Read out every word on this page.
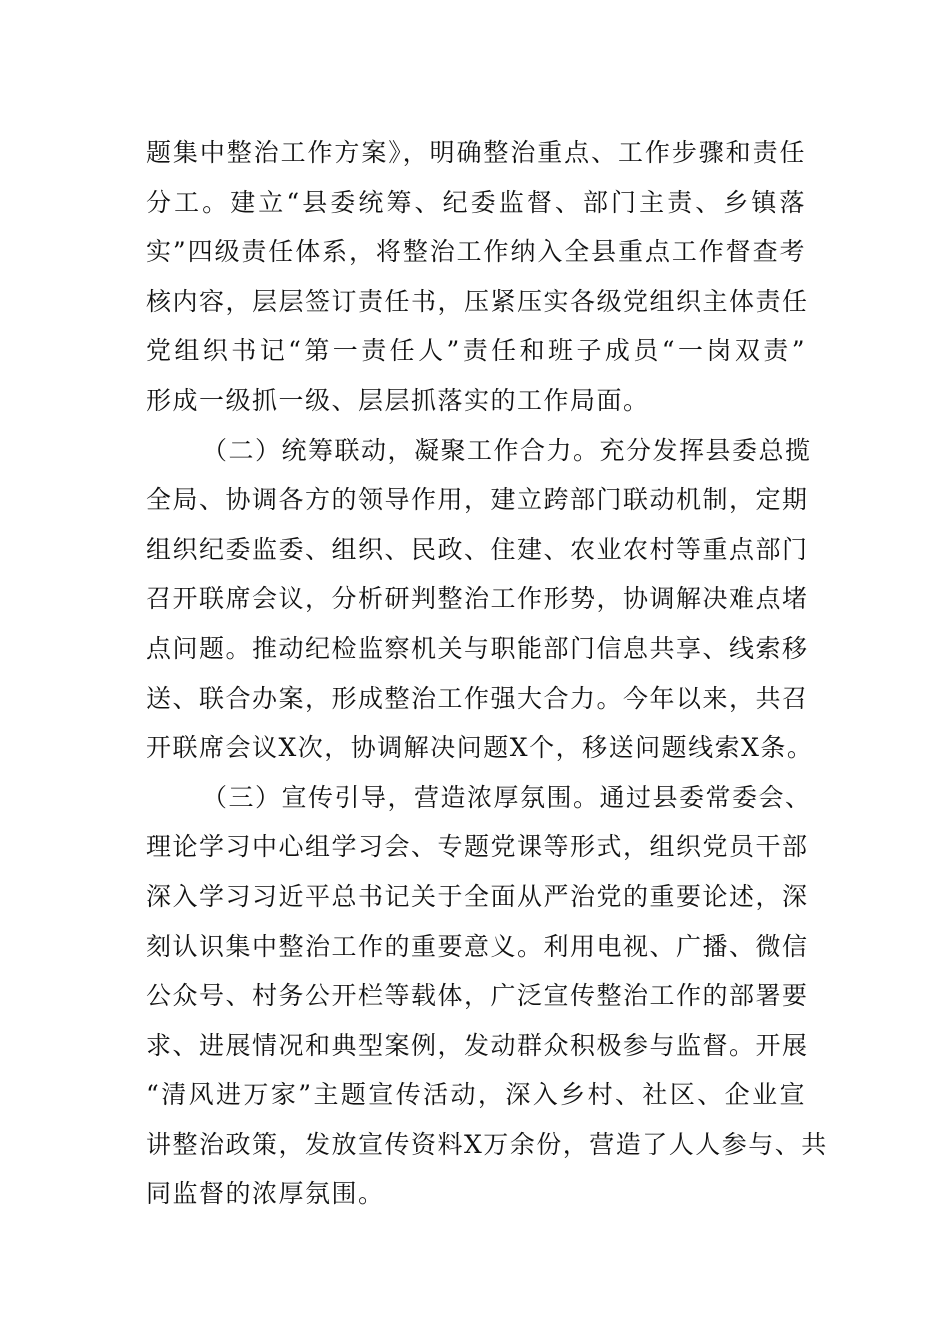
题集中整治工作方案》，明确整治重点、工作步骤和责任
分工。建立“县委统筹、纪委监督、部门主责、乡镇落
实”四级责任体系，将整治工作纳入全县重点工作督查考
核内容，层层签订责任书，压紧压实各级党组织主体责任
党组织书记“第一责任人”责任和班子成员“一岗双责”
形成一级抓一级、层层抓落实的工作局面。
（二）统筹联动，凝聚工作合力。充分发挥县委总揽
全局、协调各方的领导作用，建立跨部门联动机制，定期
组织纪委监委、组织、民政、住建、农业农村等重点部门
召开联席会议，分析研判整治工作形势，协调解决难点堵
点问题。推动纪检监察机关与职能部门信息共享、线索移
送、联合办案，形成整治工作强大合力。今年以来，共召
开联席会议X次，协调解决问题X个，移送问题线索X条。
（三）宣传引导，营造浓厚氛围。通过县委常委会、
理论学习中心组学习会、专题党课等形式，组织党员干部
深入学习习近平总书记关于全面从严治党的重要论述，深
刻认识集中整治工作的重要意义。利用电视、广播、微信
公众号、村务公开栏等载体，广泛宣传整治工作的部署要
求、进展情况和典型案例，发动群众积极参与监督。开展
“清风进万家”主题宣传活动，深入乡村、社区、企业宣
讲整治政策，发放宣传资料X万余份，营造了人人参与、共
同监督的浓厚氛围。
